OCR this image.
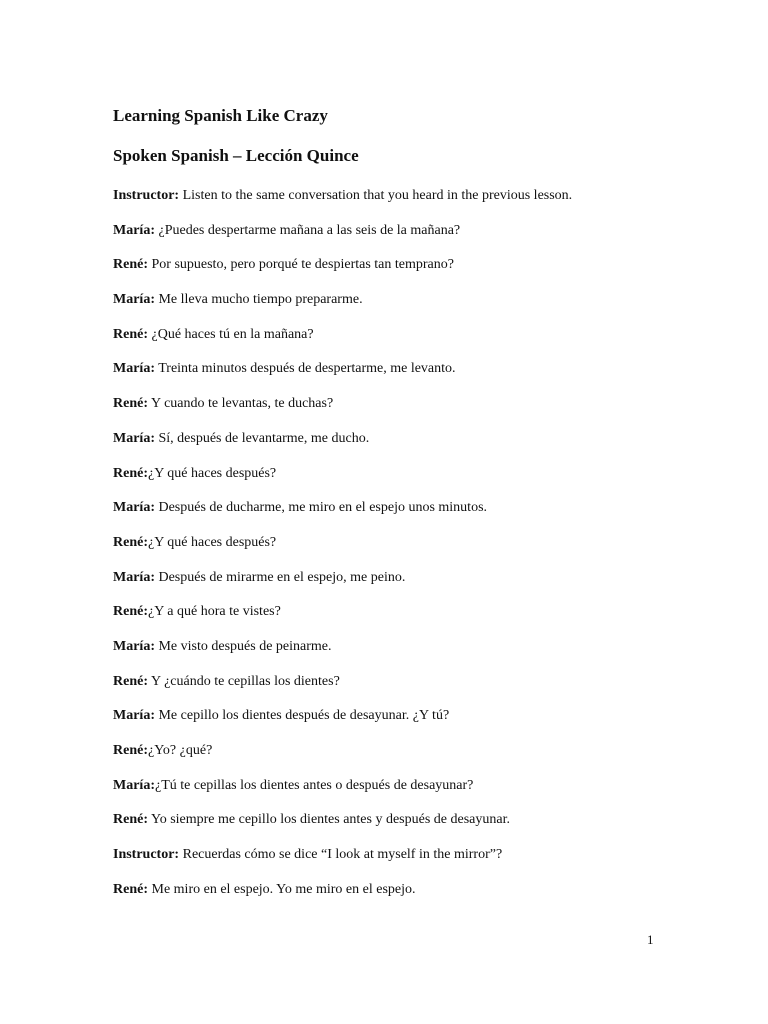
Learning Spanish Like Crazy
Spoken Spanish – Lección Quince
Instructor: Listen to the same conversation that you heard in the previous lesson.
María: ¿Puedes despertarme mañana a las seis de la mañana?
René: Por supuesto, pero porqué te despiertas tan temprano?
María: Me lleva mucho tiempo prepararme.
René: ¿Qué haces tú en la mañana?
María: Treinta minutos después de despertarme, me levanto.
René: Y cuando te levantas, te duchas?
María: Sí, después de levantarme, me ducho.
René:¿Y qué haces después?
María: Después de ducharme, me miro en el espejo unos minutos.
René:¿Y qué haces después?
María: Después de mirarme en el espejo, me peino.
René:¿Y a qué hora te vistes?
María: Me visto después de peinarme.
René: Y ¿cuándo te cepillas los dientes?
María: Me cepillo los dientes después de desayunar. ¿Y tú?
René:¿Yo? ¿qué?
María:¿Tú te cepillas los dientes antes o después de desayunar?
René: Yo siempre me cepillo los dientes antes y después de desayunar.
Instructor: Recuerdas cómo se dice “I look at myself in the mirror”?
René: Me miro en el espejo. Yo me miro en el espejo.
1
